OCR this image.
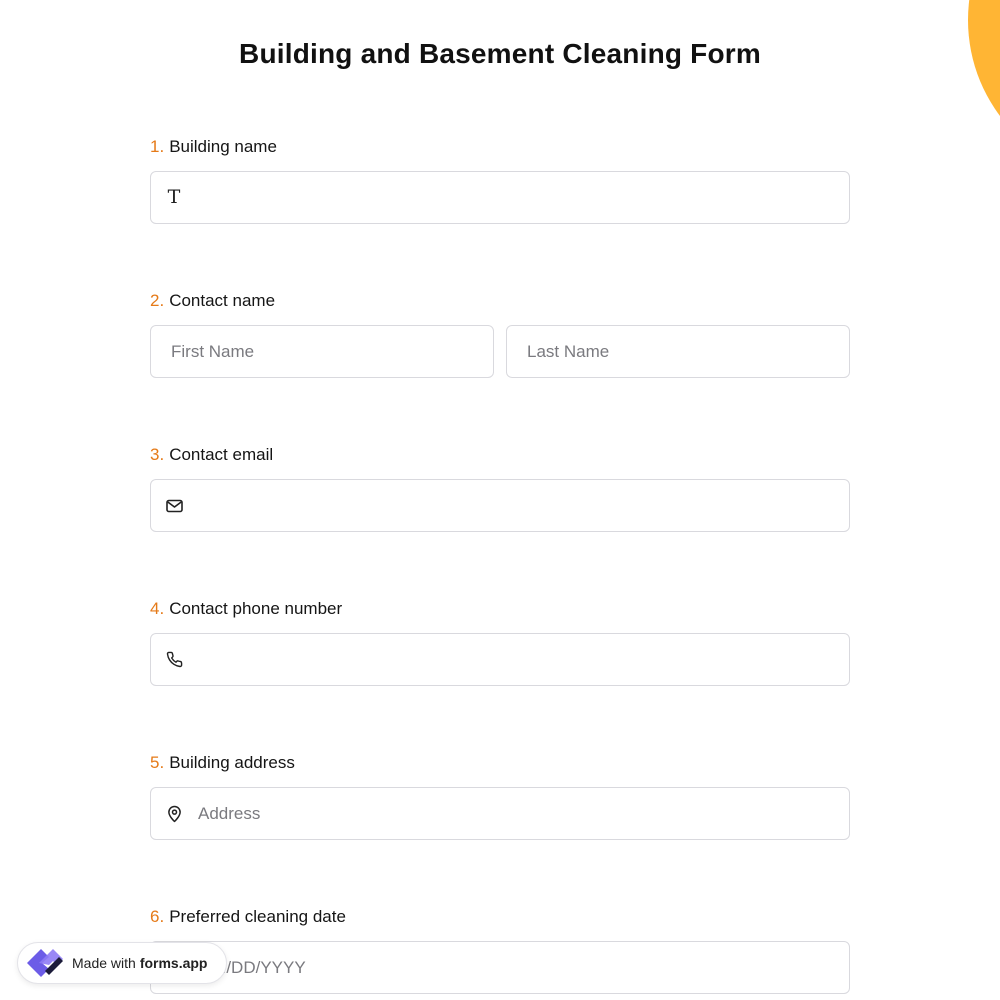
Building and Basement Cleaning Form
1. Building name
T
2. Contact name
First Name
Last Name
3. Contact email
4. Contact phone number
5. Building address
Address
6. Preferred cleaning date
MM/DD/YYYY
Made with forms.app
